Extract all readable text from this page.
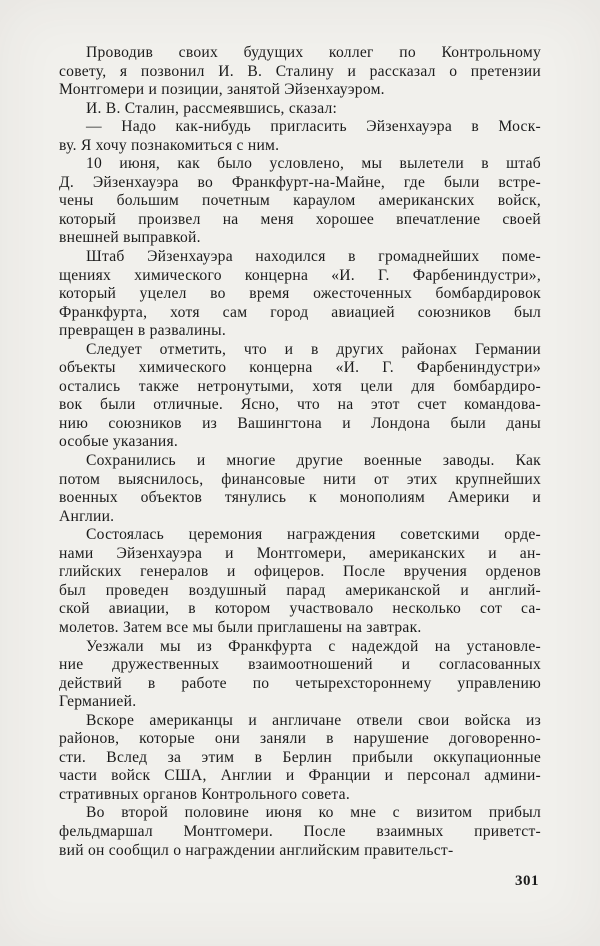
Проводив своих будущих коллег по Контрольному
совету, я позвонил И. В. Сталину и рассказал о претензии
Монтгомери и позиции, занятой Эйзенхауэром.
И. В. Сталин, рассмеявшись, сказал:
— Надо как-нибудь пригласить Эйзенхауэра в Моск-
ву. Я хочу познакомиться с ним.
10 июня, как было условлено, мы вылетели в штаб
Д. Эйзенхауэра во Франкфурт-на-Майне, где были встре-
чены большим почетным караулом американских войск,
который произвел на меня хорошее впечатление своей
внешней выправкой.
Штаб Эйзенхауэра находился в громаднейших поме-
щениях химического концерна «И. Г. Фарбениндустри»,
который уцелел во время ожесточенных бомбардировок
Франкфурта, хотя сам город авиацией союзников был
превращен в развалины.
Следует отметить, что и в других районах Германии
объекты химического концерна «И. Г. Фарбениндустри»
остались также нетронутыми, хотя цели для бомбардиро-
вок были отличные. Ясно, что на этот счет командова-
нию союзников из Вашингтона и Лондона были даны
особые указания.
Сохранились и многие другие военные заводы. Как
потом выяснилось, финансовые нити от этих крупнейших
военных объектов тянулись к монополиям Америки и
Англии.
Состоялась церемония награждения советскими орде-
нами Эйзенхауэра и Монтгомери, американских и ан-
глийских генералов и офицеров. После вручения орденов
был проведен воздушный парад американской и англий-
ской авиации, в котором участвовало несколько сот са-
молетов. Затем все мы были приглашены на завтрак.
Уезжали мы из Франкфурта с надеждой на установле-
ние дружественных взаимоотношений и согласованных
действий в работе по четырехстороннему управлению
Германией.
Вскоре американцы и англичане отвели свои войска из
районов, которые они заняли в нарушение договоренно-
сти. Вслед за этим в Берлин прибыли оккупационные
части войск США, Англии и Франции и персонал админи-
стративных органов Контрольного совета.
Во второй половине июня ко мне с визитом прибыл
фельдмаршал Монтгомери. После взаимных приветст-
вий он сообщил о награждении английским правительст-
301
